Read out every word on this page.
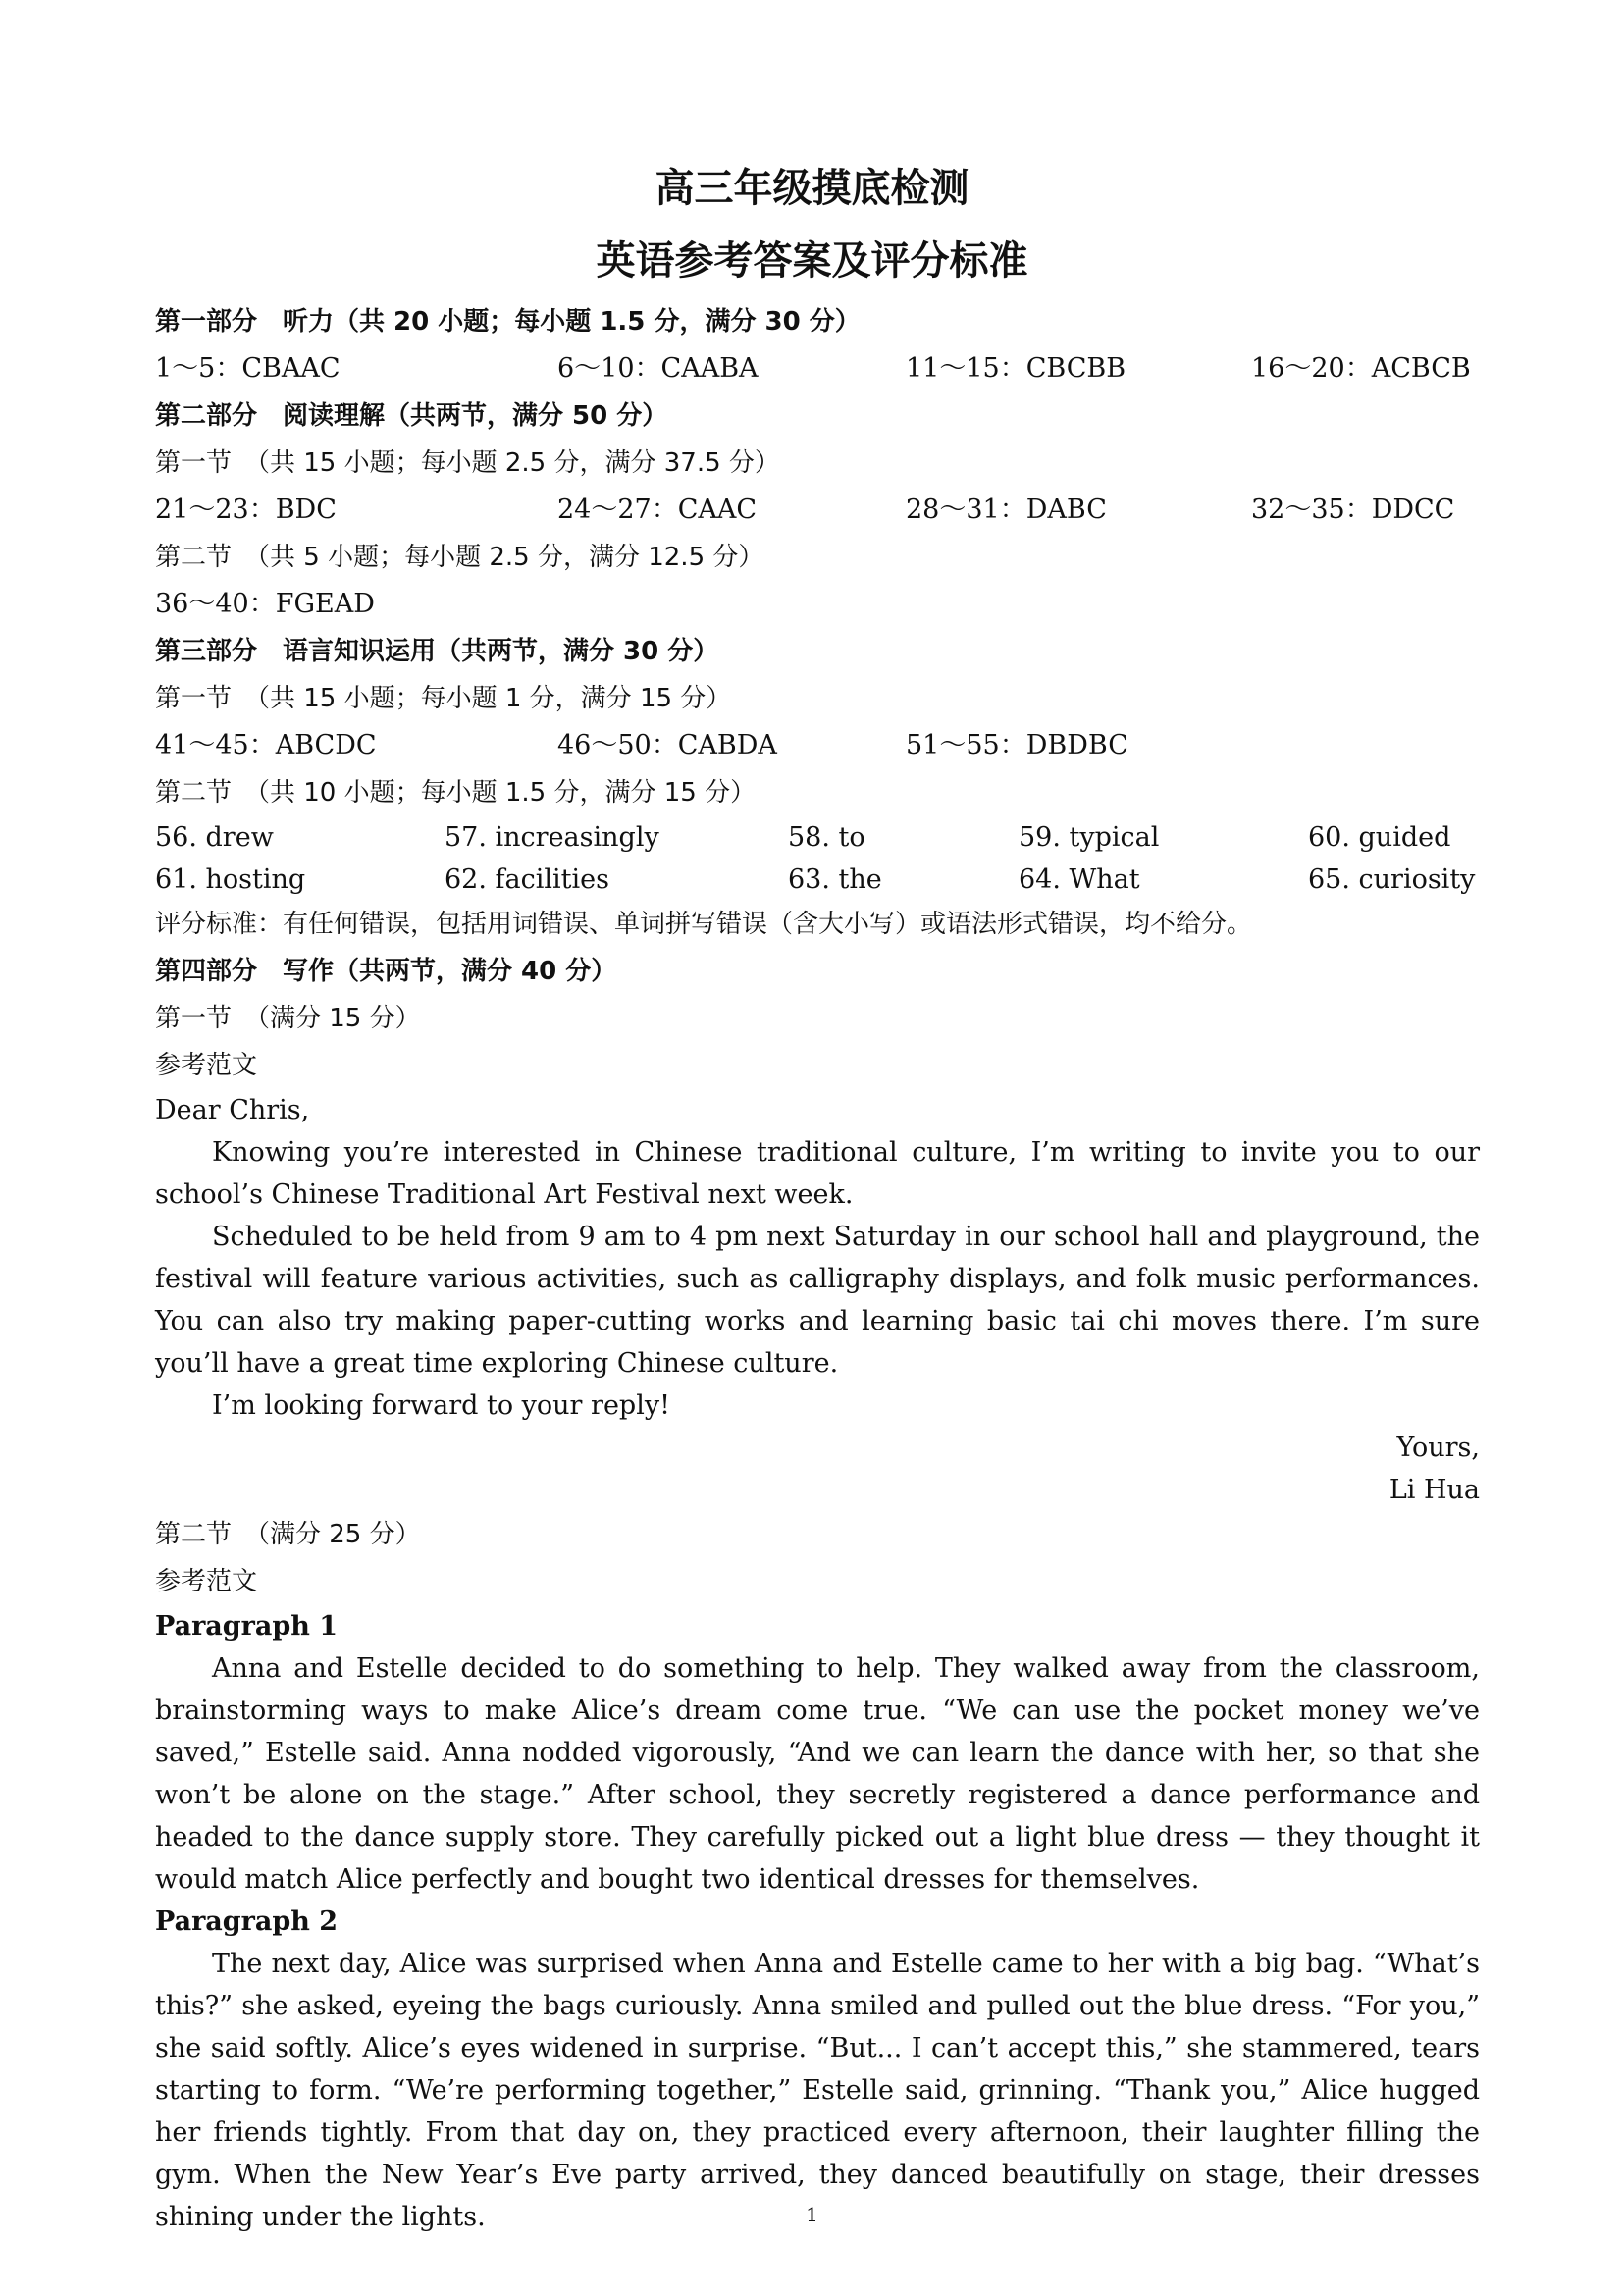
高三年级摸底检测
英语参考答案及评分标准
第一部分　听力（共 20 小题；每小题 1.5 分，满分 30 分）
1～5：CBAAC	6～10：CAABA	11～15：CBCBB	16～20：ACBCB
第二部分　阅读理解（共两节，满分 50 分）
第一节　（共 15 小题；每小题 2.5 分，满分 37.5 分）
21～23：BDC	24～27：CAAC	28～31：DABC	32～35：DDCC
第二节　（共 5 小题；每小题 2.5 分，满分 12.5 分）
36～40：FGEAD
第三部分　语言知识运用（共两节，满分 30 分）
第一节　（共 15 小题；每小题 1 分，满分 15 分）
41～45：ABCDC	46～50：CABDA	51～55：DBDBC
第二节　（共 10 小题；每小题 1.5 分，满分 15 分）
56. drew	57. increasingly	58. to	59. typical	60. guided
61. hosting	62. facilities	63. the	64. What	65. curiosity
评分标准：有任何错误，包括用词错误、单词拼写错误（含大小写）或语法形式错误，均不给分。
第四部分　写作（共两节，满分 40 分）
第一节　（满分 15 分）
参考范文
Dear Chris,

Knowing you’re interested in Chinese traditional culture, I’m writing to invite you to our school’s Chinese Traditional Art Festival next week.

Scheduled to be held from 9 am to 4 pm next Saturday in our school hall and playground, the festival will feature various activities, such as calligraphy displays, and folk music performances. You can also try making paper-cutting works and learning basic tai chi moves there. I’m sure you’ll have a great time exploring Chinese culture.

I’m looking forward to your reply!

Yours,
Li Hua
第二节　（满分 25 分）
参考范文
Paragraph 1

Anna and Estelle decided to do something to help. They walked away from the classroom, brainstorming ways to make Alice’s dream come true. “We can use the pocket money we’ve saved,” Estelle said. Anna nodded vigorously, “And we can learn the dance with her, so that she won’t be alone on the stage.” After school, they secretly registered a dance performance and headed to the dance supply store. They carefully picked out a light blue dress — they thought it would match Alice perfectly and bought two identical dresses for themselves.

Paragraph 2

The next day, Alice was surprised when Anna and Estelle came to her with a big bag. “What’s this?” she asked, eyeing the bags curiously. Anna smiled and pulled out the blue dress. “For you,” she said softly. Alice’s eyes widened in surprise. “But... I can’t accept this,” she stammered, tears starting to form. “We’re performing together,” Estelle said, grinning. “Thank you,” Alice hugged her friends tightly. From that day on, they practiced every afternoon, their laughter filling the gym. When the New Year’s Eve party arrived, they danced beautifully on stage, their dresses shining under the lights.	1
